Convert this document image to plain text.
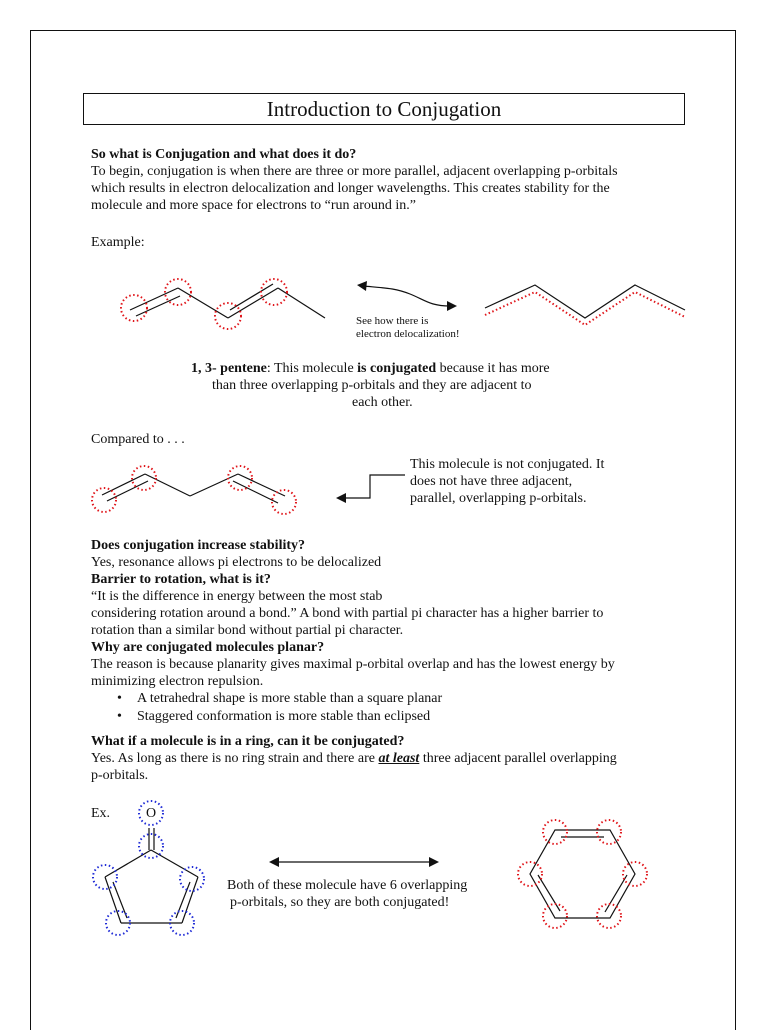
Introduction to Conjugation
So what is Conjugation and what does it do?
To begin, conjugation is when there are three or more parallel, adjacent overlapping p-orbitals
which results in electron delocalization and longer wavelengths. This creates stability for the
molecule and more space for electrons to “run around in.”
Example:
See how there is
electron delocalization!
1, 3- pentene: This molecule is conjugated because it has more
than three overlapping p-orbitals and they are adjacent to
each other.
Compared to . . .
This molecule is not conjugated. It
does not have three adjacent,
parallel, overlapping p-orbitals.
Does conjugation increase stability?
Yes, resonance allows pi electrons to be delocalized
Barrier to rotation, what is it?
“It is the difference in energy between the most stab
considering rotation around a bond.” A bond with partial pi character has a higher barrier to
rotation than a similar bond without partial pi character.
Why are conjugated molecules planar?
The reason is because planarity gives maximal p-orbital overlap and has the lowest energy by
minimizing electron repulsion.
• A tetrahedral shape is more stable than a square planar
• Staggered conformation is more stable than eclipsed
What if a molecule is in a ring, can it be conjugated?
Yes. As long as there is no ring strain and there are at least three adjacent parallel overlapping
p-orbitals.
Ex.	O
Both of these molecule have 6 overlapping
p-orbitals, so they are both conjugated!
